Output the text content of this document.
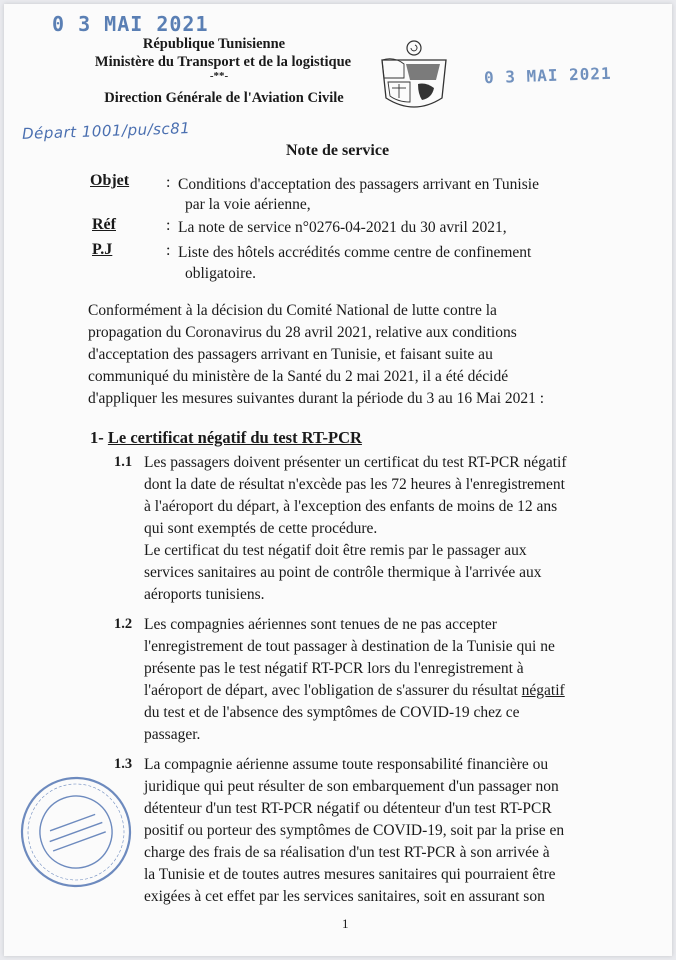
0 3 MAI 2021
République Tunisienne
Ministère du Transport et de la logistique
-**-
Direction Générale de l'Aviation Civile
0 3 MAI 2021
Départ 1001/pu/sc81
Note de service
Objet : Conditions d'acceptation des passagers arrivant en Tunisie
par la voie aérienne,
Réf	: La note de service n°0276-04-2021 du 30 avril 2021,
P.J	: Liste des hôtels accrédités comme centre de confinement
obligatoire.
Conformément à la décision du Comité National de lutte contre la
propagation du Coronavirus du 28 avril 2021, relative aux conditions
d'acceptation des passagers arrivant en Tunisie, et faisant suite au
communiqué du ministère de la Santé du 2 mai 2021, il a été décidé
d'appliquer les mesures suivantes durant la période du 3 au 16 Mai 2021 :
1- Le certificat négatif du test RT-PCR
1.1 Les passagers doivent présenter un certificat du test RT-PCR négatif
dont la date de résultat n'excède pas les 72 heures à l'enregistrement
à l'aéroport du départ, à l'exception des enfants de moins de 12 ans
qui sont exemptés de cette procédure.
Le certificat du test négatif doit être remis par le passager aux
services sanitaires au point de contrôle thermique à l'arrivée aux
aéroports tunisiens.
1.2 Les compagnies aériennes sont tenues de ne pas accepter
l'enregistrement de tout passager à destination de la Tunisie qui ne
présente pas le test négatif RT-PCR lors du l'enregistrement à
l'aéroport de départ, avec l'obligation de s'assurer du résultat négatif
du test et de l'absence des symptômes de COVID-19 chez ce
passager.
1.3 La compagnie aérienne assume toute responsabilité financière ou
juridique qui peut résulter de son embarquement d'un passager non
détenteur d'un test RT-PCR négatif ou détenteur d'un test RT-PCR
positif ou porteur des symptômes de COVID-19, soit par la prise en
charge des frais de sa réalisation d'un test RT-PCR à son arrivée à
la Tunisie et de toutes autres mesures sanitaires qui pourraient être
exigées à cet effet par les services sanitaires, soit en assurant son
1
